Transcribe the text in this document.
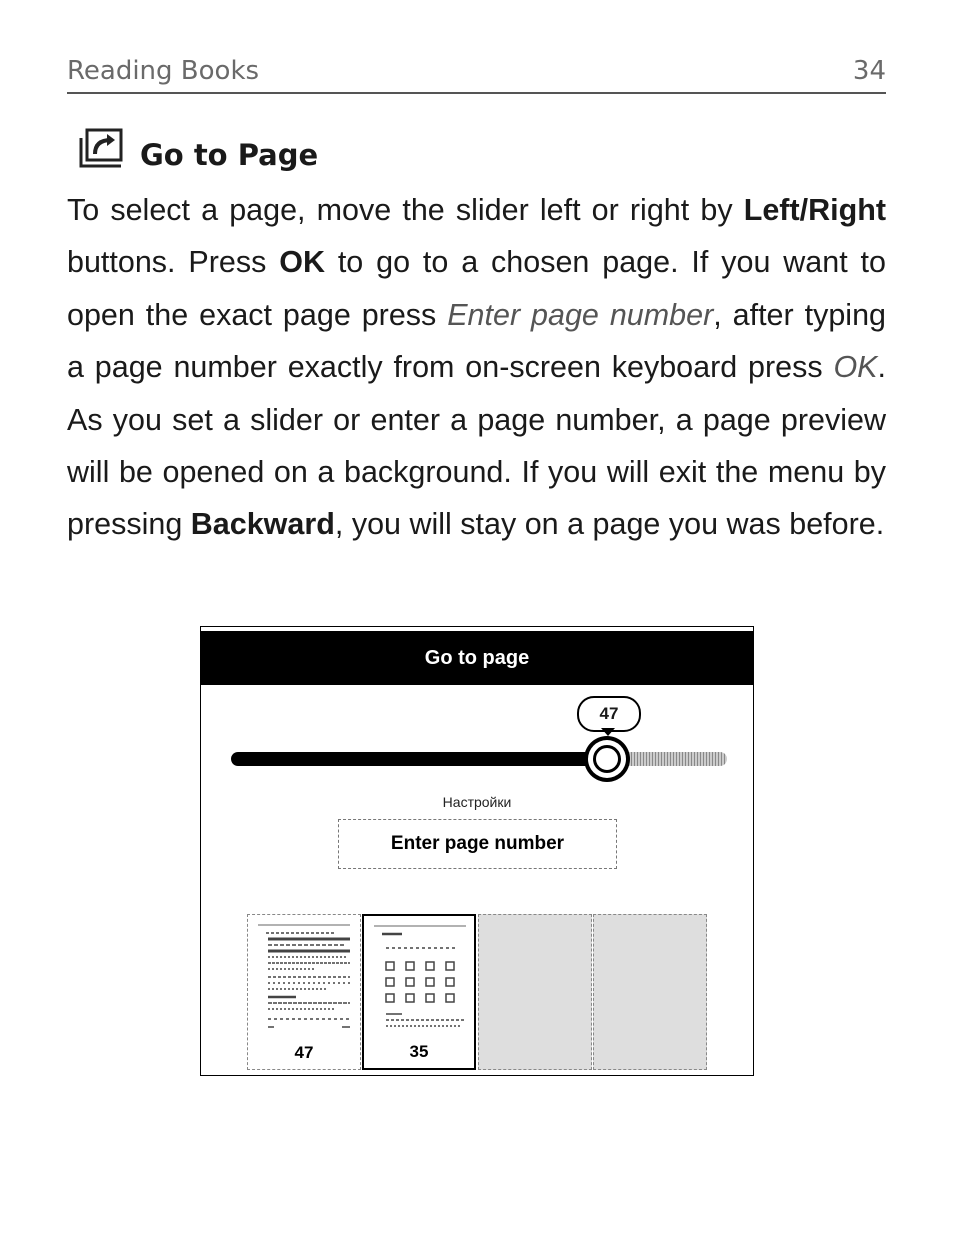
Reading Books	34
Go to Page
To select a page, move the slider left or right by Left/Right buttons. Press OK to go to a chosen page. If you want to open the exact page press Enter page number, after typing a page number exactly from on-screen keyboard press OK. As you set a slider or enter a page number, a page preview will be opened on a background. If you will exit the menu by pressing Backward, you will stay on a page you was before.
Go to page
47
Настройки
Enter page number
47	35
